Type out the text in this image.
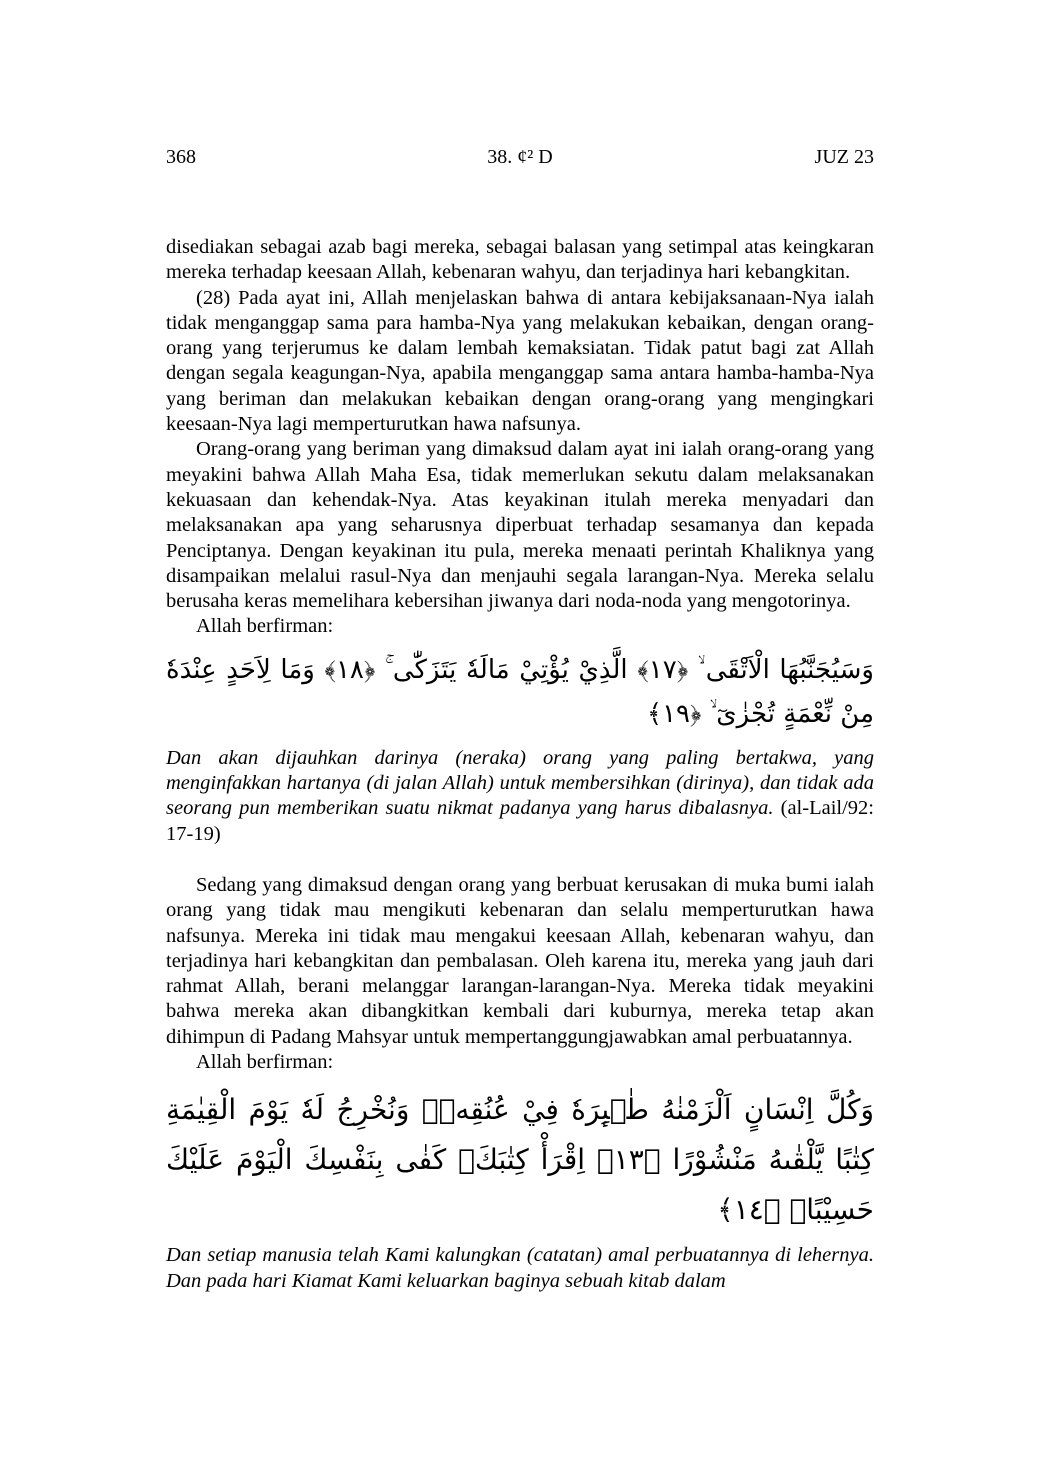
368	38. ¢² D	JUZ 23

disediakan sebagai azab bagi mereka, sebagai balasan yang setimpal atas keingkaran mereka terhadap keesaan Allah, kebenaran wahyu, dan terjadinya hari kebangkitan.

(28) Pada ayat ini, Allah menjelaskan bahwa di antara kebijaksanaan-Nya ialah tidak menganggap sama para hamba-Nya yang melakukan kebaikan, dengan orang-orang yang terjerumus ke dalam lembah kemaksiatan. Tidak patut bagi zat Allah dengan segala keagungan-Nya, apabila menganggap sama antara hamba-hamba-Nya yang beriman dan melakukan kebaikan dengan orang-orang yang mengingkari keesaan-Nya lagi memperturutkan hawa nafsunya.

Orang-orang yang beriman yang dimaksud dalam ayat ini ialah orang-orang yang meyakini bahwa Allah Maha Esa, tidak memerlukan sekutu dalam melaksanakan kekuasaan dan kehendak-Nya. Atas keyakinan itulah mereka menyadari dan melaksanakan apa yang seharusnya diperbuat terhadap sesamanya dan kepada Penciptanya. Dengan keyakinan itu pula, mereka menaati perintah Khaliknya yang disampaikan melalui rasul-Nya dan menjauhi segala larangan-Nya. Mereka selalu berusaha keras memelihara kebersihan jiwanya dari noda-noda yang mengotorinya.

Allah berfirman:

وَسَيُجَنَّبُهَا الْاَتْقَى ۙ ﴿١٧﴾ الَّذِيْ يُؤْتِيْ مَالَهٗ يَتَزَكّٰى ۚ ﴿١٨﴾ وَمَا لِاَحَدٍ عِنْدَهٗ مِنْ نِّعْمَةٍ تُجْزٰىٓ ۙ ﴿١٩﴾

Dan akan dijauhkan darinya (neraka) orang yang paling bertakwa, yang menginfakkan hartanya (di jalan Allah) untuk membersihkan (dirinya), dan tidak ada seorang pun memberikan suatu nikmat padanya yang harus dibalasnya. (al-Lail/92: 17-19)

Sedang yang dimaksud dengan orang yang berbuat kerusakan di muka bumi ialah orang yang tidak mau mengikuti kebenaran dan selalu memperturutkan hawa nafsunya. Mereka ini tidak mau mengakui keesaan Allah, kebenaran wahyu, dan terjadinya hari kebangkitan dan pembalasan. Oleh karena itu, mereka yang jauh dari rahmat Allah, berani melanggar larangan-larangan-Nya. Mereka tidak meyakini bahwa mereka akan dibangkitkan kembali dari kuburnya, mereka tetap akan dihimpun di Padang Mahsyar untuk mempertanggungjawabkan amal perbuatannya.

Allah berfirman:

وَكُلَّ اِنْسَانٍ اَلْزَمْنٰهُ طٰۤىِٕرَهٗ فِيْ عُنُقِهٖۗ وَنُخْرِجُ لَهٗ يَوْمَ الْقِيٰمَةِ كِتٰبًا يَّلْقٰىهُ مَنْشُوْرًا ﴿١٣﴾ اِقْرَأْ كِتٰبَكَۗ كَفٰى بِنَفْسِكَ الْيَوْمَ عَلَيْكَ حَسِيْبًاۗ ﴿١٤﴾

Dan setiap manusia telah Kami kalungkan (catatan) amal perbuatannya di lehernya. Dan pada hari Kiamat Kami keluarkan baginya sebuah kitab dalam
